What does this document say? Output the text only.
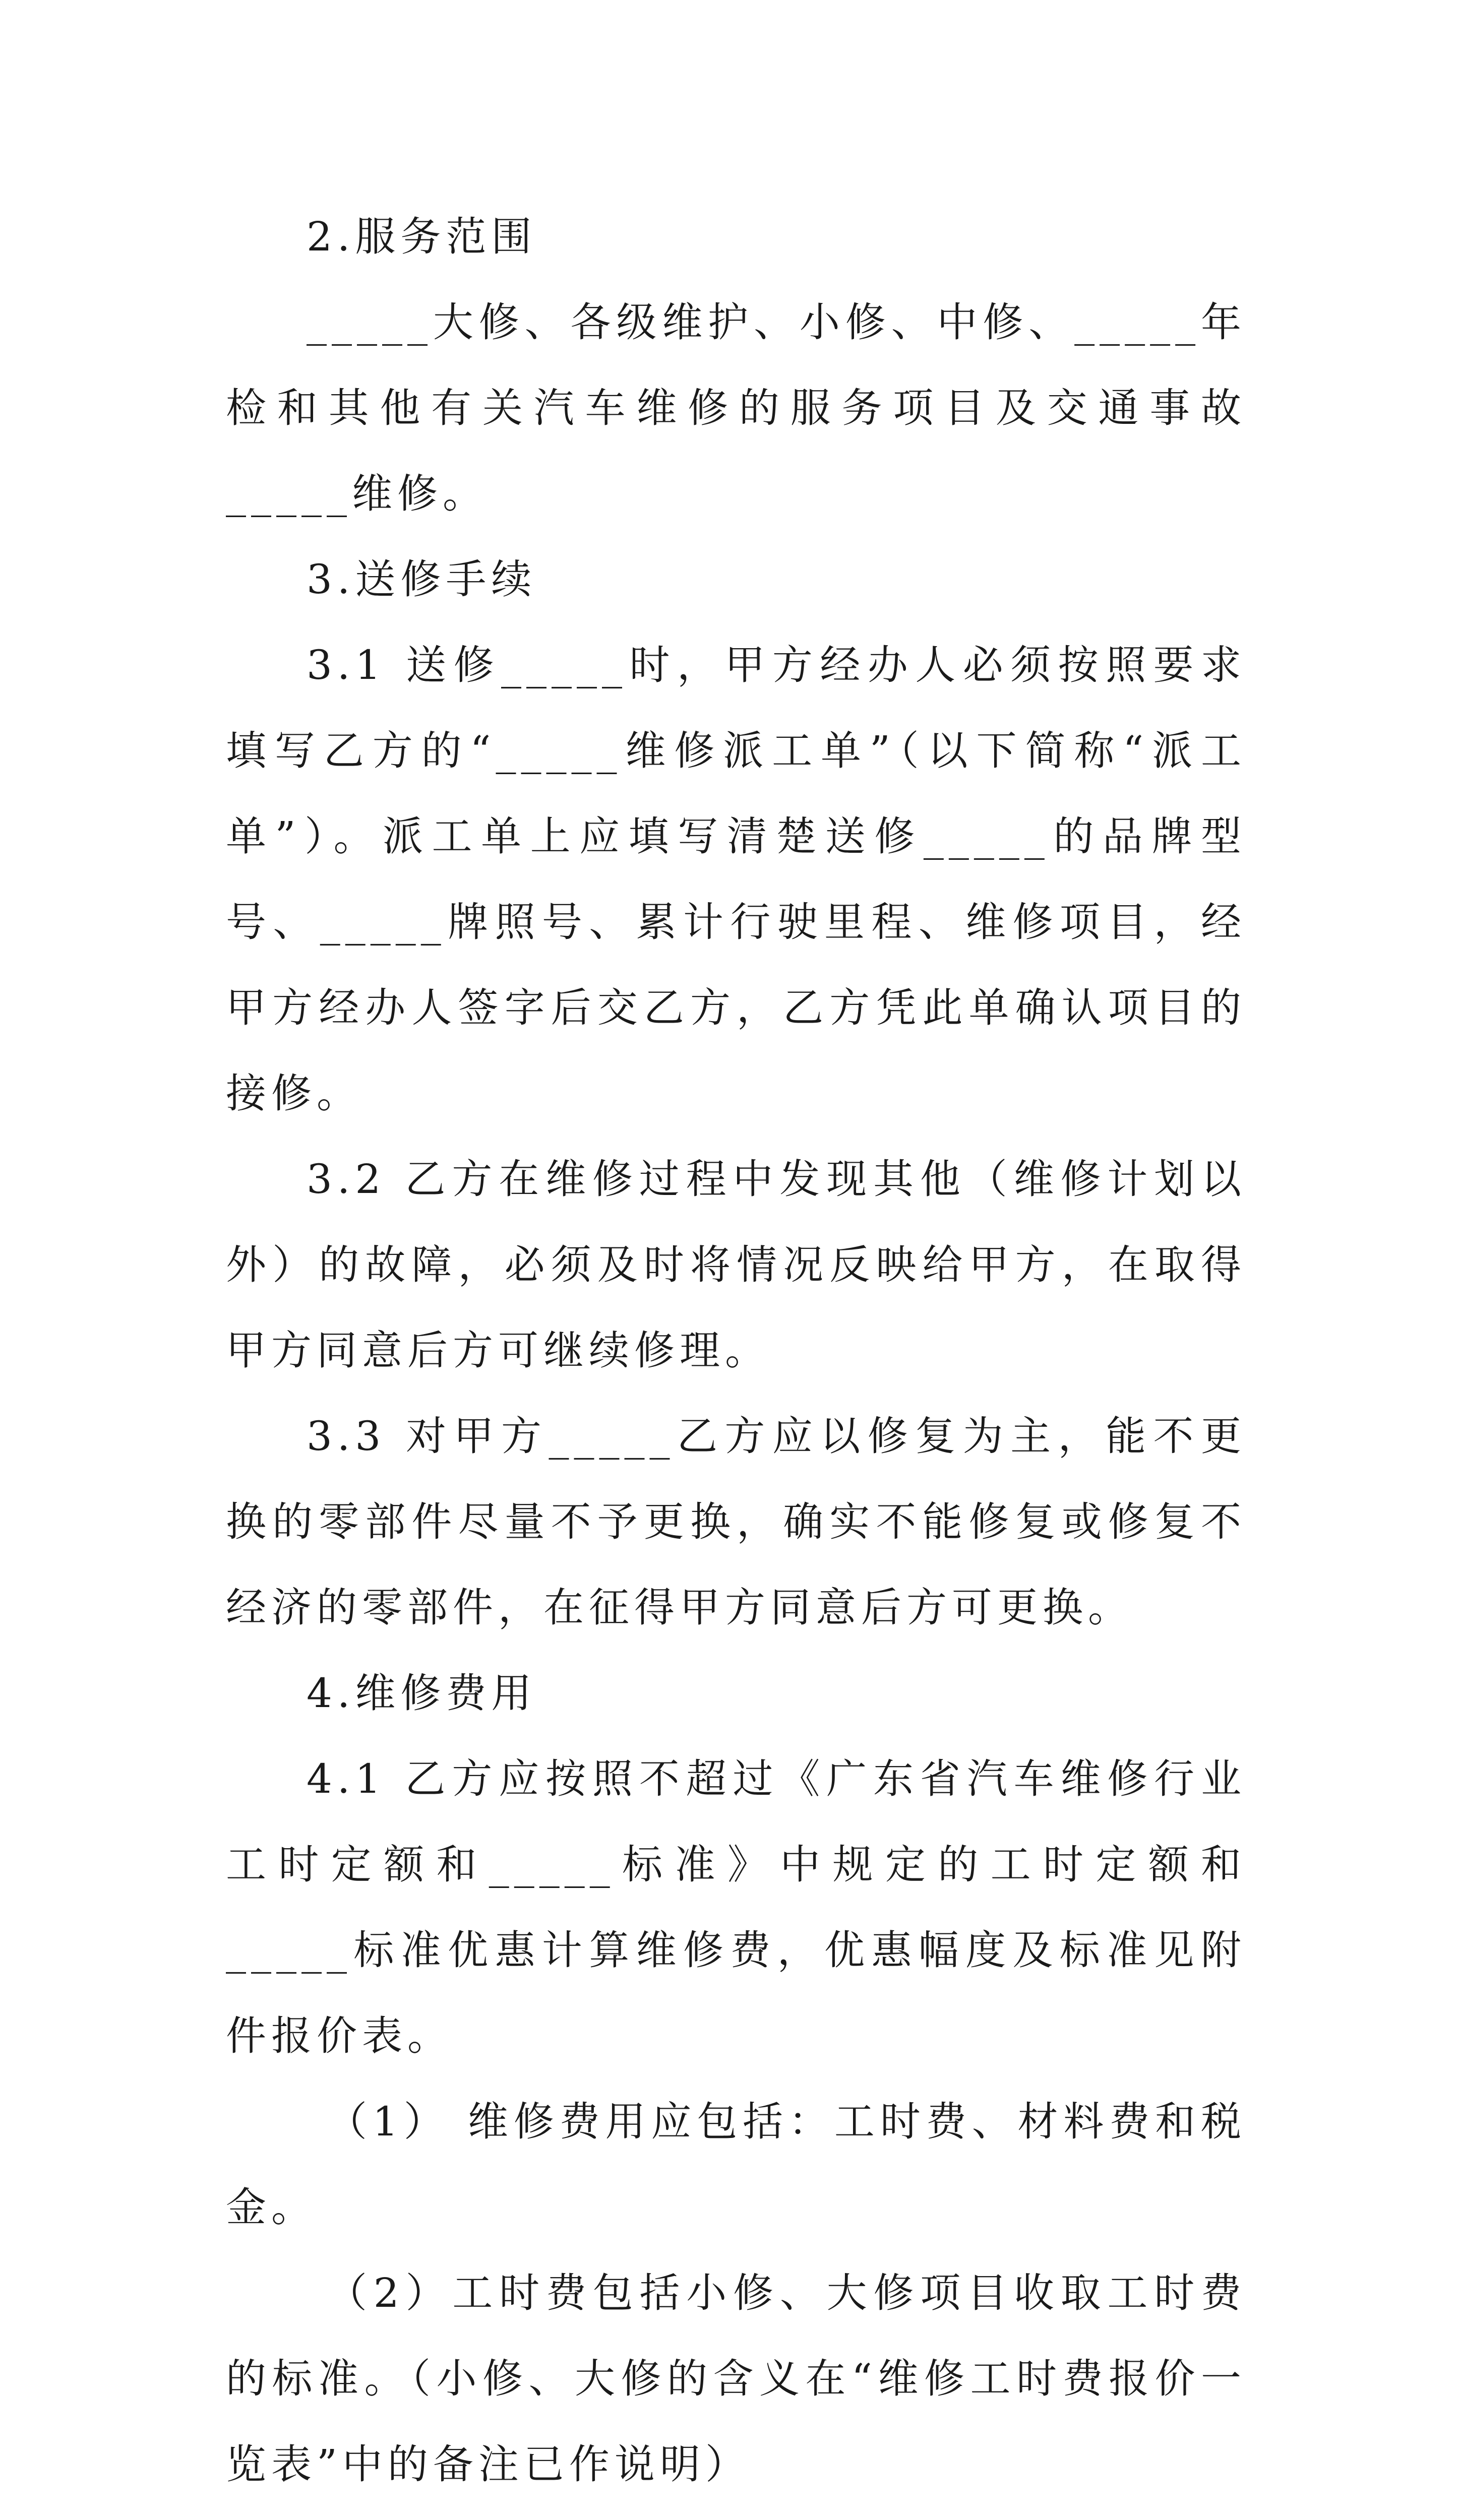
2.服务范围

_____大修、各级维护、小修、中修、_____年检和其他有关汽车维修的服务项目及交通事故_____维修。

3.送修手续

3.1 送修_____时，甲方经办人必须按照要求填写乙方的“_____维修派工单”（以下简称“派工单”）。派工单上应填写清楚送修_____的品牌型号、_____牌照号、累计行驶里程、维修项目，经甲方经办人签字后交乙方，乙方凭此单确认项目的接修。

3.2 乙方在维修过程中发现其他（维修计划以外）的故障，必须及时将情况反映给甲方，在取得甲方同意后方可继续修理。

3.3 对甲方_____乙方应以修复为主，能不更换的零部件尽量不予更换，确实不能修复或修复不经济的零部件，在征得甲方同意后方可更换。

4.维修费用

4.1 乙方应按照不超过《广东省汽车维修行业工时定额和_____标准》中规定的工时定额和_____标准优惠计算维修费，优惠幅度及标准见附件报价表。

（1） 维修费用应包括：工时费、材料费和税金。

（2）工时费包括小修、大修项目收取工时费的标准。（小修、大修的含义在“维修工时费报价一览表”中的备注已作说明）
